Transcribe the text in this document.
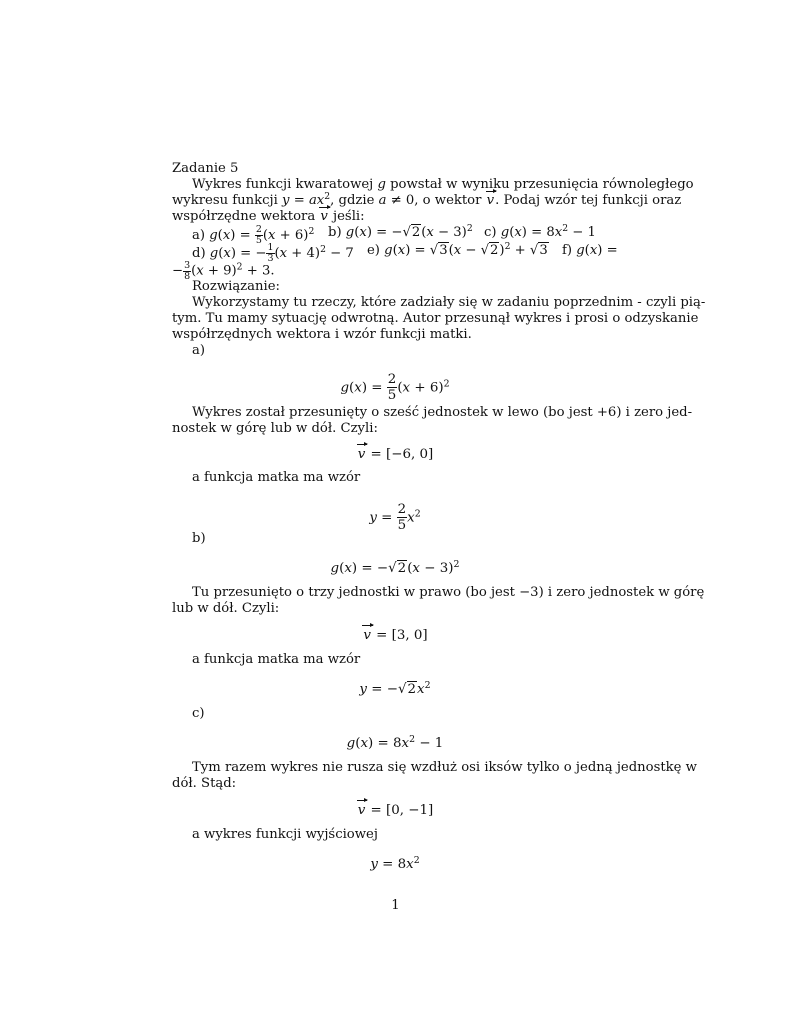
Zadanie 5
Wykres funkcji kwaratowej g powstał w wyniku przesunięcia równoległego
wykresu funkcji $y = ax^2$, gdzie a ≠ 0, o wektor v. Podaj wzór tej funkcji oraz
współrzędne wektora v jeśli:
a) $g(x) = \frac{2}{5} (x + 6)^2$ b) $g(x) = -√2(x - 3)^2$ c) $g(x) = 8x^2 - 1$
d) g(x) = − $\frac{1}{3} (x + 4)^2 - 7$ e) $g(x) = √3(x - √2)^2 + √3$ f) g(x) =
− $\frac{3}{8} (x + 9)^2 + 3$.
Rozwiązanie:
Wykorzystamy tu rzeczy, które zadziały się w zadaniu poprzednim - czyli pią-
tym. Tu mamy sytuację odwrotną. Autor przesunął wykres i prosi o odzyskanie
współrzędnych wektora i wzór funkcji matki.
a)
$g(x) = \frac{2}{5} (x + 6)^2$
Wykres został przesunięty o sześć jednostek w lewo (bo jest +6) i zero jed-
nostek w górę lub w dół. Czyli:
v = [−6, 0]
a funkcja matka ma wzór
$y = \frac{2}{5} x^2$
b)
$g(x) = -√2(x - 3)^2$
Tu przesunięto o trzy jednostki w prawo (bo jest −3) i zero jednostek w górę
lub w dół. Czyli:
v = [3, 0]
a funkcja matka ma wzór
$y = -√2x^2$
c)
$g(x) = 8x^2 - 1$
Tym razem wykres nie rusza się wzdłuż osi iksów tylko o jedną jednostkę w
dół. Stąd:
v = [0, −1]
a wykres funkcji wyjściowej
$y = 8x^2$
1
